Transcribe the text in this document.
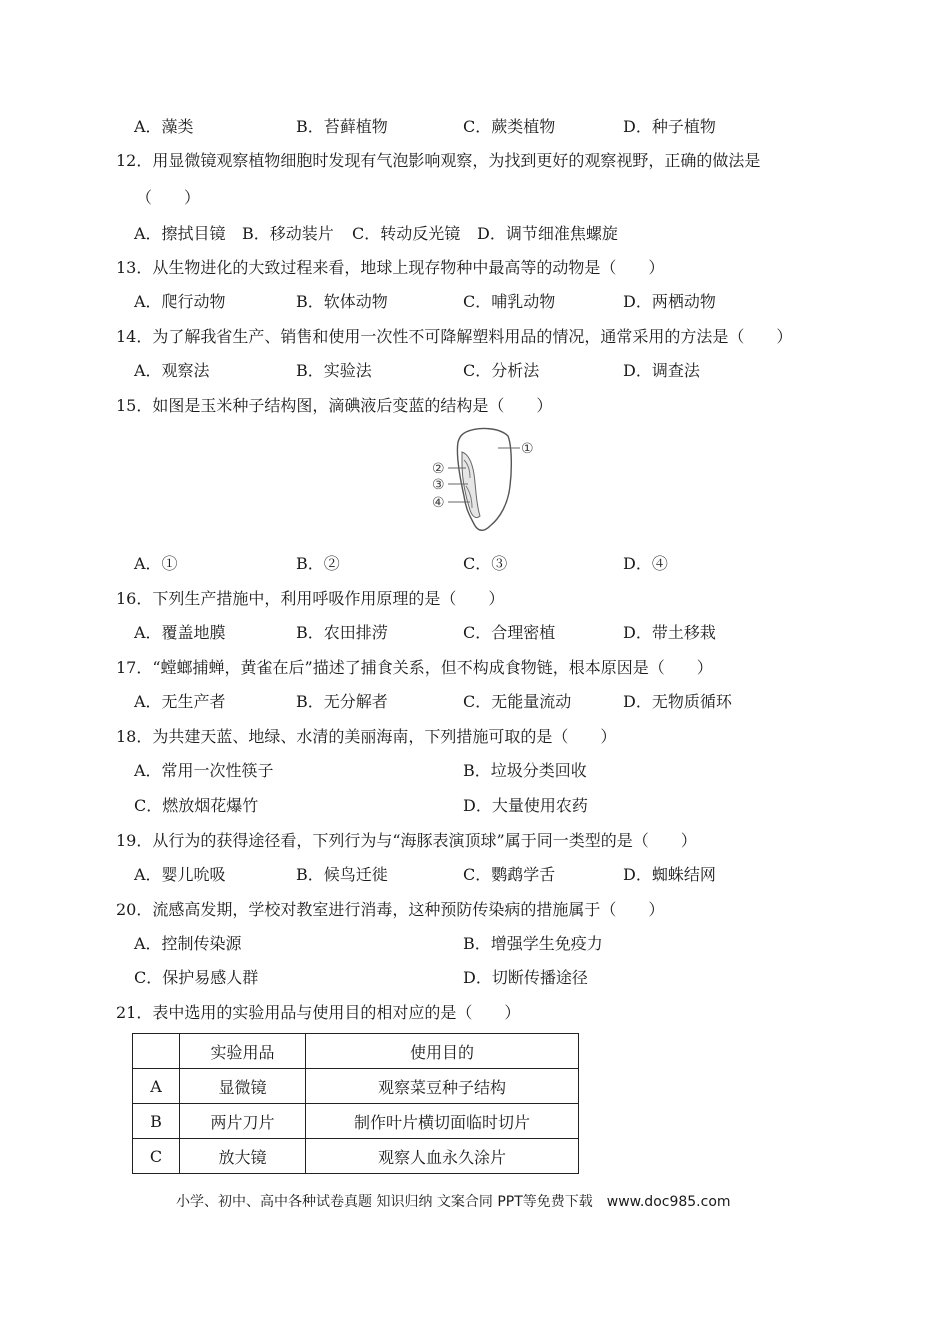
A．藻类	B．苔藓植物	C．蕨类植物	D．种子植物
12．用显微镜观察植物细胞时发现有气泡影响观察，为找到更好的观察视野，正确的做法是
（　　）
A．擦拭目镜 B．移动装片 C．转动反光镜 D．调节细准焦螺旋
13．从生物进化的大致过程来看，地球上现存物种中最高等的动物是（　　）
A．爬行动物	B．软体动物	C．哺乳动物	D．两栖动物
14．为了解我省生产、销售和使用一次性不可降解塑料用品的情况，通常采用的方法是（　　）
A．观察法	B．实验法	C．分析法	D．调查法
15．如图是玉米种子结构图，滴碘液后变蓝的结构是（　　）
①
②
③
④
A．①	B．②	C．③	D．④
16．下列生产措施中，利用呼吸作用原理的是（　　）
A．覆盖地膜	B．农田排涝	C．合理密植	D．带土移栽
17．“螳螂捕蝉，黄雀在后”描述了捕食关系，但不构成食物链，根本原因是（　　）
A．无生产者	B．无分解者	C．无能量流动	D．无物质循环
18．为共建天蓝、地绿、水清的美丽海南，下列措施可取的是（　　）
A．常用一次性筷子	B．垃圾分类回收
C．燃放烟花爆竹	D．大量使用农药
19．从行为的获得途径看，下列行为与“海豚表演顶球”属于同一类型的是（　　）
A．婴儿吮吸	B．候鸟迁徙	C．鹦鹉学舌	D．蜘蛛结网
20．流感高发期，学校对教室进行消毒，这种预防传染病的措施属于（　　）
A．控制传染源	B．增强学生免疫力
C．保护易感人群	D．切断传播途径
21．表中选用的实验用品与使用目的相对应的是（　　）
	实验用品	使用目的
A	显微镜	观察菜豆种子结构
B	两片刀片	制作叶片横切面临时切片
C	放大镜	观察人血永久涂片
小学、初中、高中各种试卷真题 知识归纳 文案合同 PPT等免费下载　www.doc985.com
